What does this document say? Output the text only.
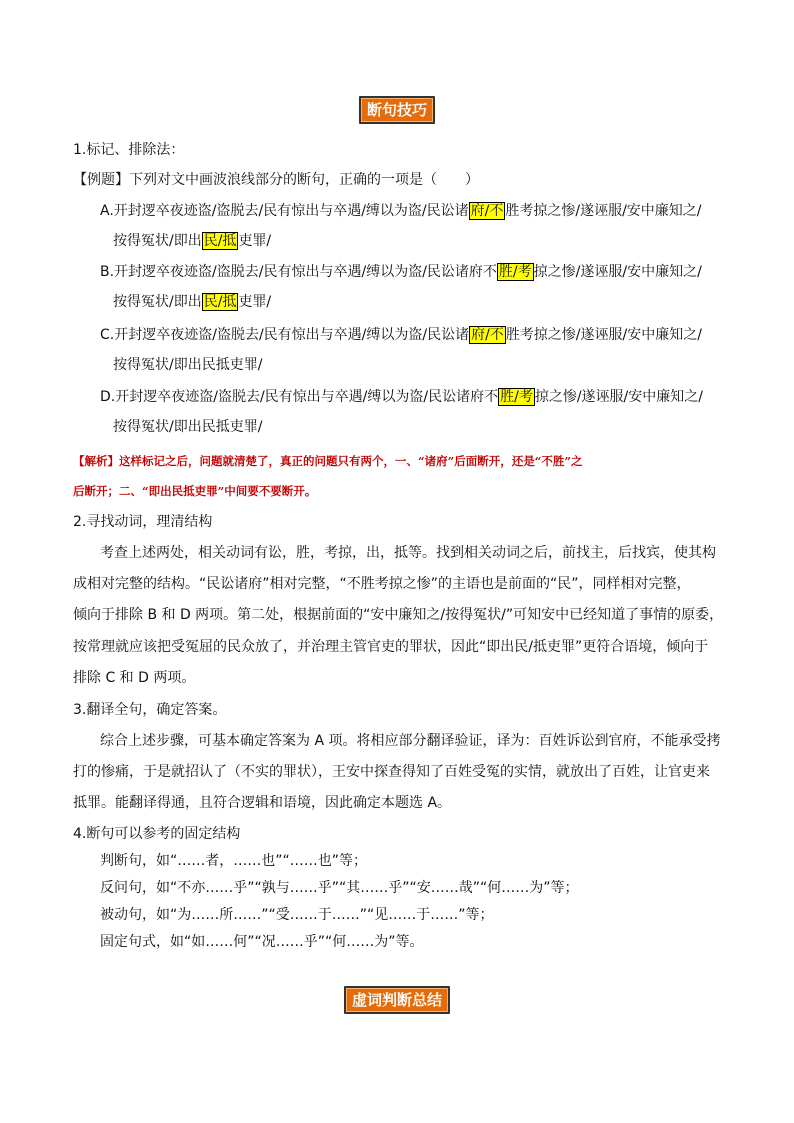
断句技巧
1.标记、排除法：
【例题】下列对文中画波浪线部分的断句，正确的一项是（　　）
A.开封逻卒夜迹盗/盗脱去/民有惊出与卒遇/缚以为盗/民讼诸 府/不 胜考掠之惨/遂诬服/安中廉知之/
按得冤状/即出 民/抵 吏罪/
B.开封逻卒夜迹盗/盗脱去/民有惊出与卒遇/缚以为盗/民讼诸府不 胜/考 掠之惨/遂诬服/安中廉知之/
按得冤状/即出 民/抵 吏罪/
C.开封逻卒夜迹盗/盗脱去/民有惊出与卒遇/缚以为盗/民讼诸 府/不 胜考掠之惨/遂诬服/安中廉知之/
按得冤状/即出民抵吏罪/
D.开封逻卒夜迹盗/盗脱去/民有惊出与卒遇/缚以为盗/民讼诸府不 胜/考 掠之惨/遂诬服/安中廉知之/
按得冤状/即出民抵吏罪/
【解析】这样标记之后，问题就清楚了，真正的问题只有两个，一、“诸府”后面断开，还是“不胜”之
后断开；二、“即出民抵吏罪”中间要不要断开。
2.寻找动词，理清结构
考查上述两处，相关动词有讼，胜，考掠，出，抵等。找到相关动词之后，前找主，后找宾，使其构
成相对完整的结构。“民讼诸府”相对完整，“不胜考掠之惨”的主语也是前面的“民”，同样相对完整，
倾向于排除 B 和 D 两项。第二处，根据前面的“安中廉知之/按得冤状/”可知安中已经知道了事情的原委，
按常理就应该把受冤屈的民众放了，并治理主管官吏的罪状，因此“即出民/抵吏罪”更符合语境，倾向于
排除 C 和 D 两项。
3.翻译全句，确定答案。
综合上述步骤，可基本确定答案为 A 项。将相应部分翻译验证，译为：百姓诉讼到官府，不能承受拷
打的惨痛，于是就招认了（不实的罪状），王安中探查得知了百姓受冤的实情，就放出了百姓，让官吏来
抵罪。能翻译得通，且符合逻辑和语境，因此确定本题选 A。
4.断句可以参考的固定结构
判断句，如“……者，……也”“……也”等；
反问句，如“不亦……乎”“孰与……乎”“其……乎”“安……哉”“何……为”等；
被动句，如“为……所……”“受……于……”“见……于……”等；
固定句式，如“如……何”“况……乎”“何……为”等。
虚词判断总结
